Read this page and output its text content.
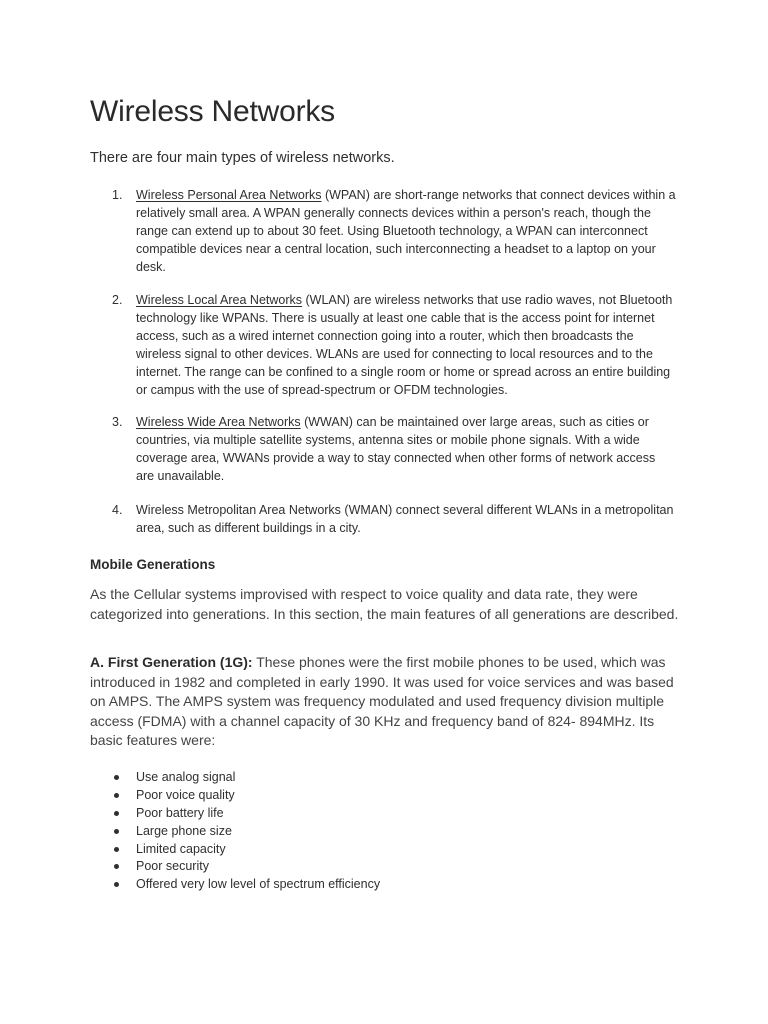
Wireless Networks

There are four main types of wireless networks.

1.	Wireless Personal Area Networks (WPAN) are short-range networks that connect devices within a relatively small area. A WPAN generally connects devices within a person's reach, though the range can extend up to about 30 feet. Using Bluetooth technology, a WPAN can interconnect compatible devices near a central location, such interconnecting a headset to a laptop on your desk.
2.	Wireless Local Area Networks (WLAN) are wireless networks that use radio waves, not Bluetooth technology like WPANs. There is usually at least one cable that is the access point for internet access, such as a wired internet connection going into a router, which then broadcasts the wireless signal to other devices. WLANs are used for connecting to local resources and to the internet. The range can be confined to a single room or home or spread across an entire building or campus with the use of spread-spectrum or OFDM technologies.
3.	Wireless Wide Area Networks (WWAN) can be maintained over large areas, such as cities or countries, via multiple satellite systems, antenna sites or mobile phone signals. With a wide coverage area, WWANs provide a way to stay connected when other forms of network access are unavailable.
4.	Wireless Metropolitan Area Networks (WMAN) connect several different WLANs in a metropolitan area, such as different buildings in a city.

Mobile Generations

As the Cellular systems improvised with respect to voice quality and data rate, they were categorized into generations. In this section, the main features of all generations are described.

A. First Generation (1G): These phones were the first mobile phones to be used, which was introduced in 1982 and completed in early 1990. It was used for voice services and was based on AMPS. The AMPS system was frequency modulated and used frequency division multiple access (FDMA) with a channel capacity of 30 KHz and frequency band of 824- 894MHz. Its basic features were:

Use analog signal
Poor voice quality
Poor battery life
Large phone size
Limited capacity
Poor security
Offered very low level of spectrum efficiency
